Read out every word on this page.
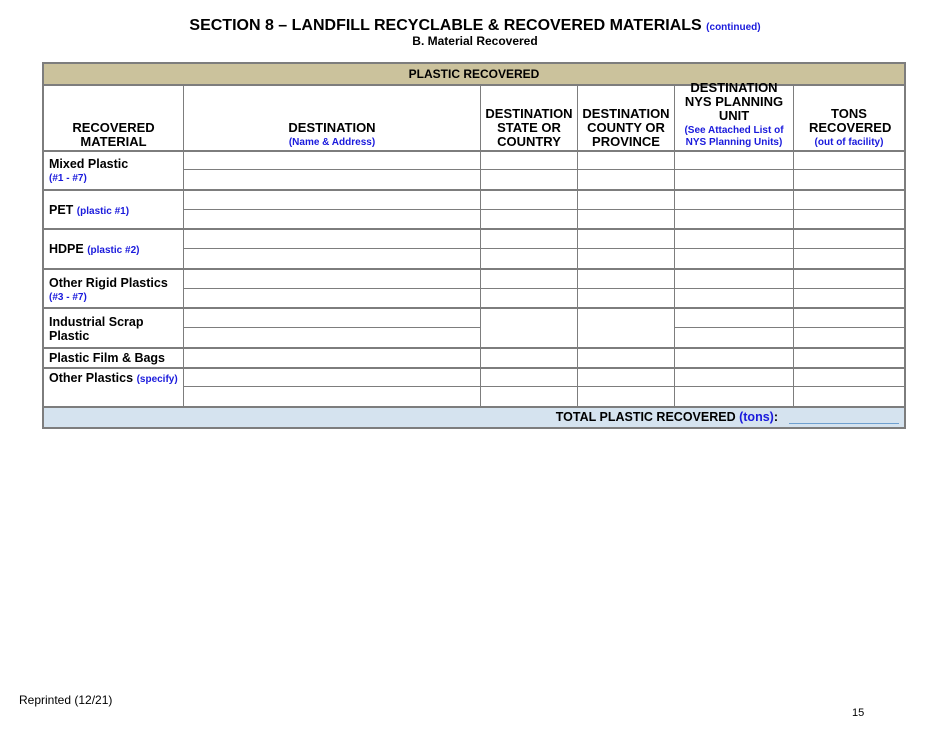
SECTION 8 – LANDFILL RECYCLABLE & RECOVERED MATERIALS (continued)
B. Material Recovered
PLASTIC RECOVERED
RECOVERED MATERIAL
DESTINATION
(Name & Address)
DESTINATION STATE OR COUNTRY
DESTINATION COUNTY OR PROVINCE
DESTINATION NYS PLANNING UNIT
(See Attached List of NYS Planning Units)
TONS RECOVERED
(out of facility)
Mixed Plastic
(#1 - #7)
PET (plastic #1)
HDPE (plastic #2)
Other Rigid Plastics
(#3 - #7)
Industrial Scrap Plastic
Plastic Film & Bags
Other Plastics (specify)
TOTAL PLASTIC RECOVERED (tons):
Reprinted (12/21)
15
